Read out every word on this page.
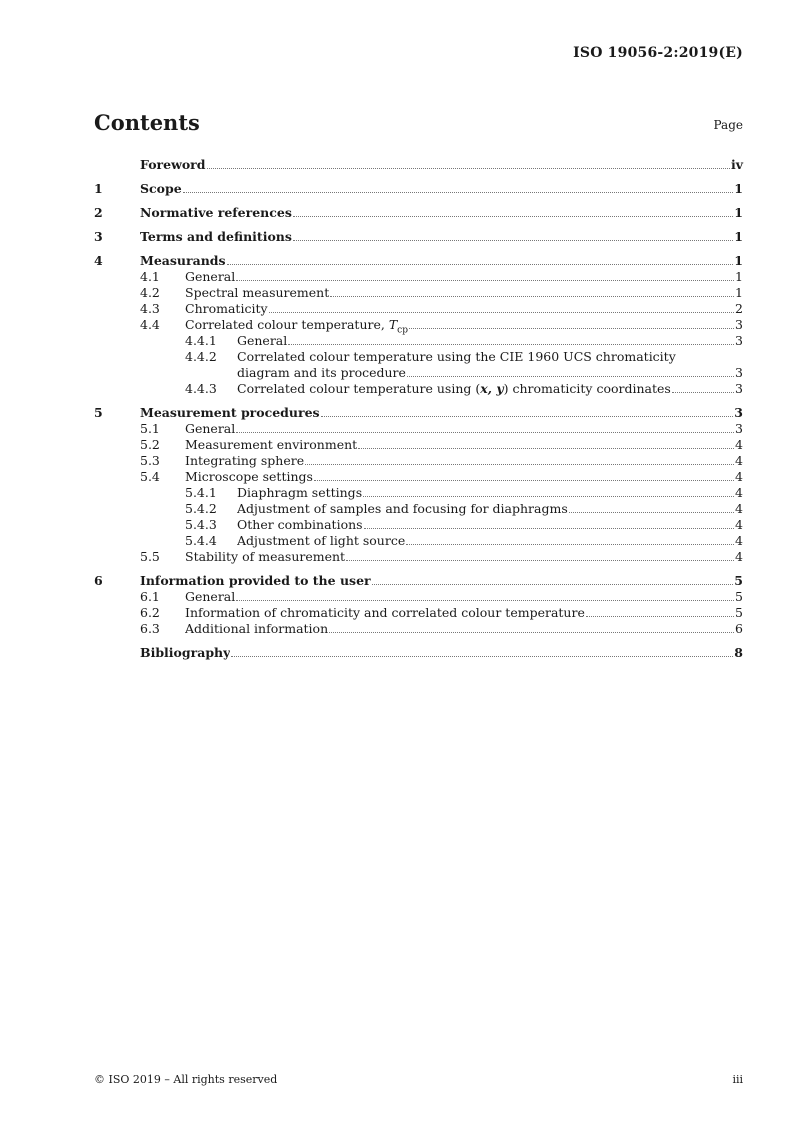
ISO 19056-2:2019(E)
Contents	Page
Foreword	iv
1	Scope	1
2	Normative references	1
3	Terms and definitions	1
4	Measurands	1
4.1	General	1
4.2	Spectral measurement	1
4.3	Chromaticity	2
4.4	Correlated colour temperature, $T_{cp}$	3
4.4.1	General	3
4.4.2	Correlated colour temperature using the CIE 1960 UCS chromaticity
diagram and its procedure	3
4.4.3	Correlated colour temperature using (x, y) chromaticity coordinates	3
5	Measurement procedures	3
5.1	General	3
5.2	Measurement environment	4
5.3	Integrating sphere	4
5.4	Microscope settings	4
5.4.1	Diaphragm settings	4
5.4.2	Adjustment of samples and focusing for diaphragms	4
5.4.3	Other combinations	4
5.4.4	Adjustment of light source	4
5.5	Stability of measurement	4
6	Information provided to the user	5
6.1	General	5
6.2	Information of chromaticity and correlated colour temperature	5
6.3	Additional information	6
Bibliography	8
© ISO 2019 – All rights reserved	iii
